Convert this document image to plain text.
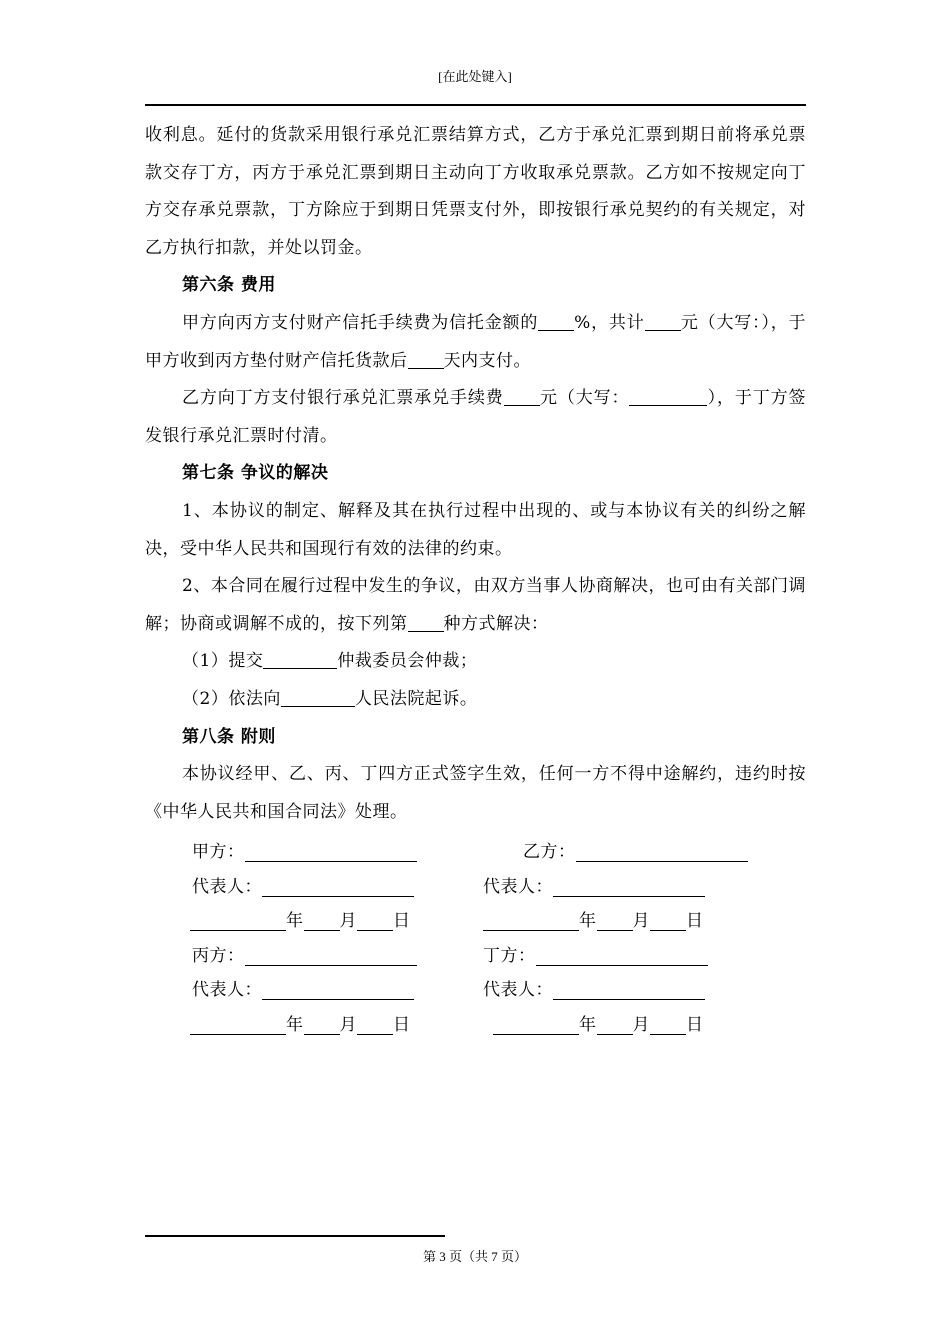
[在此处键入]

收利息。延付的货款采用银行承兑汇票结算方式，乙方于承兑汇票到期日前将承兑票款交存丁方，丙方于承兑汇票到期日主动向丁方收取承兑票款。乙方如不按规定向丁方交存承兑票款，丁方除应于到期日凭票支付外，即按银行承兑契约的有关规定，对乙方执行扣款，并处以罚金。

第六条 费用

甲方向丙方支付财产信托手续费为信托金额的 %，共计 元（大写：），于甲方收到丙方垫付财产信托货款后 天内支付。

乙方向丁方支付银行承兑汇票承兑手续费 元（大写：	），于丁方签发银行承兑汇票时付清。

第七条 争议的解决

1、本协议的制定、解释及其在执行过程中出现的、或与本协议有关的纠纷之解决，受中华人民共和国现行有效的法律的约束。

2、本合同在履行过程中发生的争议，由双方当事人协商解决，也可由有关部门调解；协商或调解不成的，按下列第 种方式解决：

（1）提交	仲裁委员会仲裁；

（2）依法向	人民法院起诉。

第八条 附则

本协议经甲、乙、丙、丁四方正式签字生效，任何一方不得中途解约，违约时按《中华人民共和国合同法》处理。

甲方：	乙方：
代表人：	代表人：
年 月 日	年 月 日
丙方：	丁方：
代表人：	代表人：
年 月 日	年 月 日
第 3 页（共 7 页）
